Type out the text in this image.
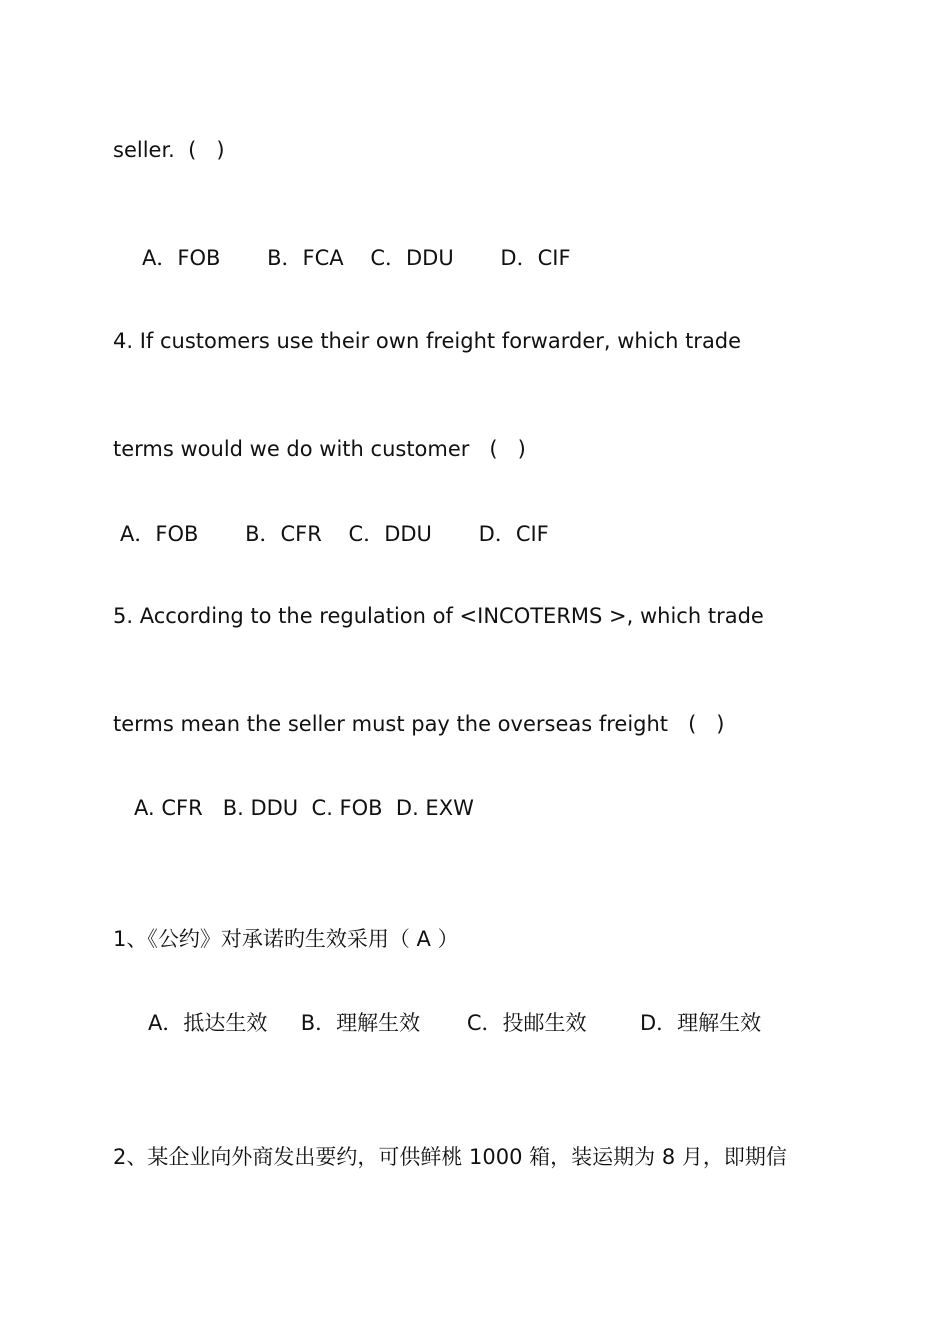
seller.  (   )
A．FOB       B．FCA    C．DDU       D．CIF
4. If customers use their own freight forwarder, which trade
terms would we do with customer   (   )
A．FOB       B．CFR    C．DDU       D．CIF
5. According to the regulation of <INCOTERMS >, which trade
terms mean the seller must pay the overseas freight   (   )
A. CFR   B. DDU  C. FOB  D. EXW
1、《公约》对承诺旳生效采用（ A ）
A．抵达生效     B．理解生效       C．投邮生效        D．理解生效
2、某企业向外商发出要约，可供鲜桃 1000 箱，装运期为 8 月，即期信
